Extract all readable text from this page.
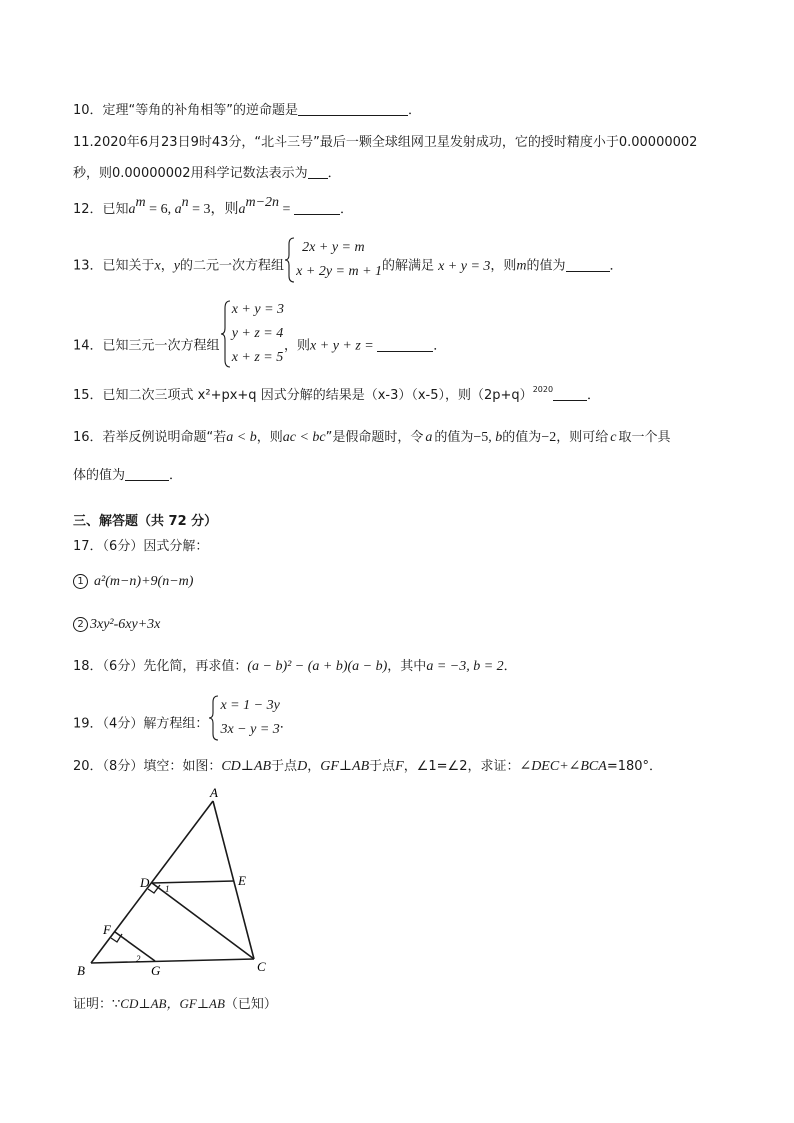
10．定理“等角的补角相等”的逆命题是	．
11.2020年6月23日9时43分，“北斗三号”最后一颗全球组网卫星发射成功，它的授时精度小于0.00000002
秒，则0.00000002用科学记数法表示为 ．
12．已知$a^m = 6$, $a^n = 3$，则$a^{m-2n}$ =	．
13．已知关于x，y的二元一次方程组
2x + y = m
x + 2y = m + 1 的解满足 x + y = 3，则m的值为	．
14．已知三元一次方程组
x + y = 3
y + z = 4
x + z = 5
，则x + y + z =	．
15．已知二次三项式 x²+px+q 因式分解的结果是（x-3）（x-5），则$(2p+q)^{2020}$	．
16．若举反例说明命题“若a < b，则ac < bc”是假命题时，令 a 的值为−5, b的值为−2，则可给 c 取一个具
体的值为	．
三、解答题（共 72 分）
17．（6分）因式分解：
1 a²(m−n)+9(n−m)
2 3xy²-6xy+3x
18．（6分）先化简，再求值：(a − b)² − (a + b)(a − b)，其中a = −3, b = 2．
19．（4分）解方程组：
x = 1 − 3y
3x − y = 3 ．
20．（8分）填空：如图：CD⊥AB于点D，GF⊥AB于点F，∠1=∠2，求证：∠DEC+∠BCA=180°．
A
B	C
D	E
F
G
1
2
证明：∵CD⊥AB，GF⊥AB（已知）
